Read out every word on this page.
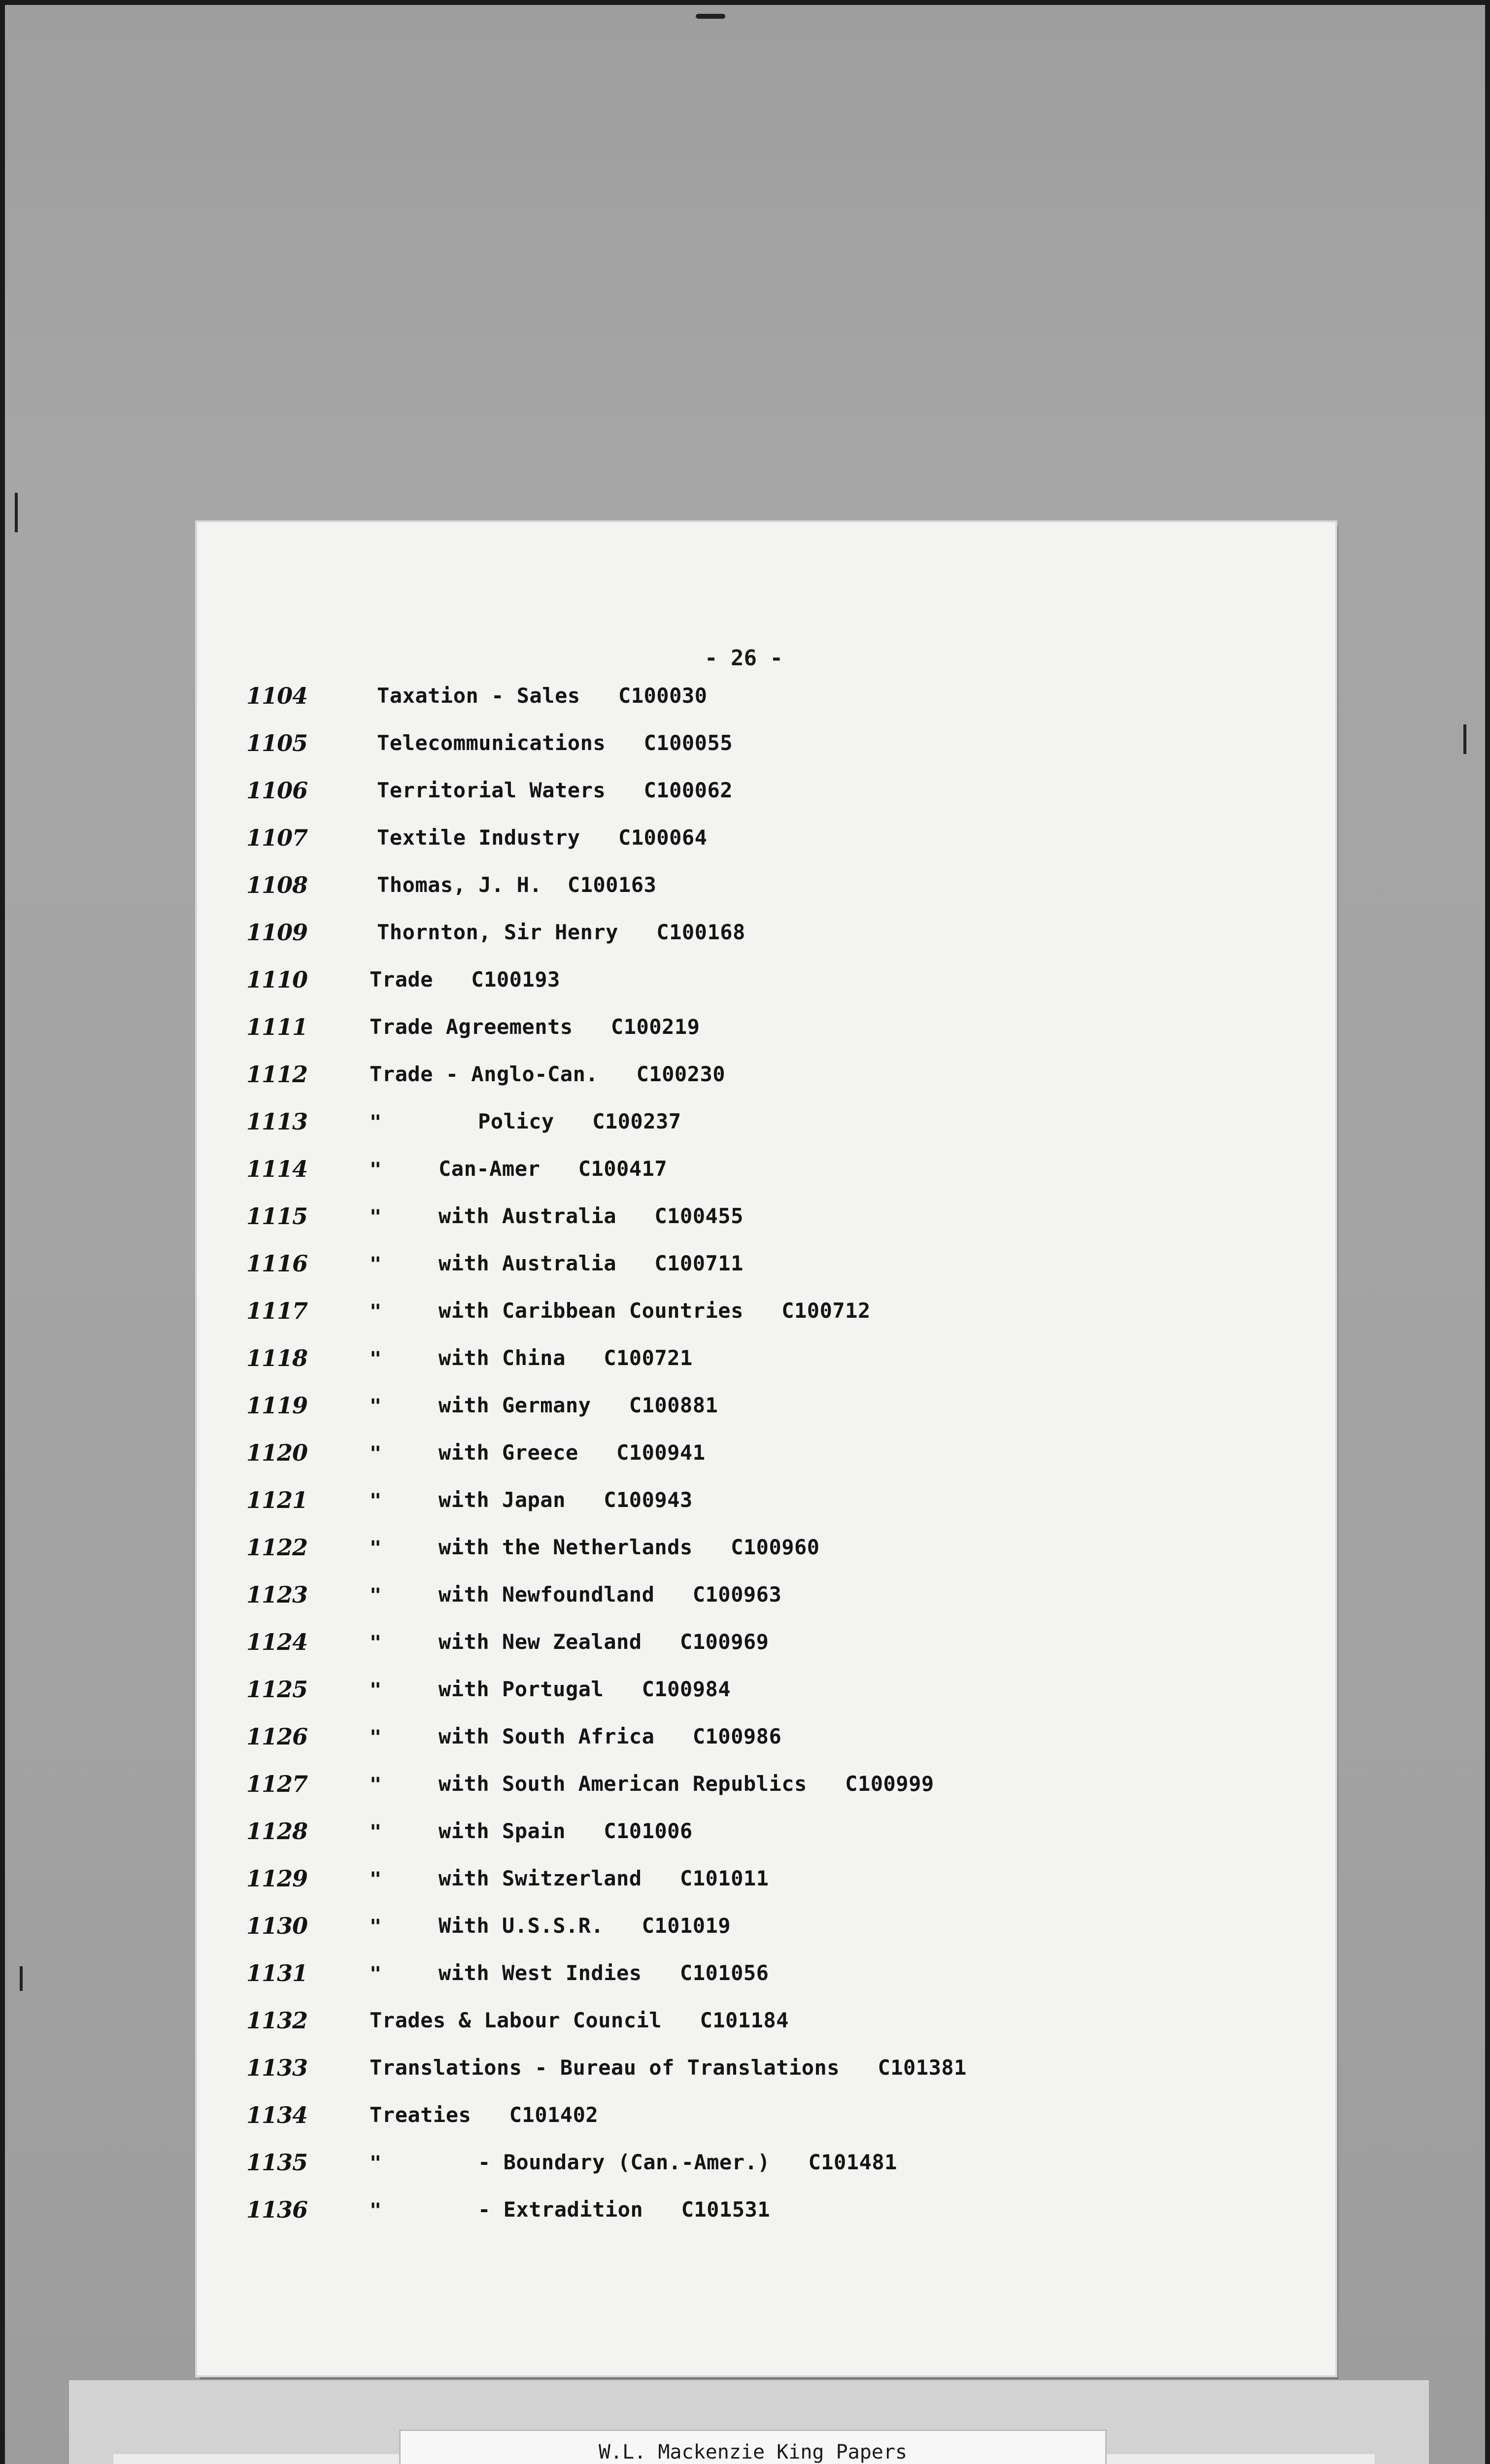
- 26 -
1104	Taxation - Sales   C100030
1105	Telecommunications   C100055
1106	Territorial Waters   C100062
1107	Textile Industry   C100064
1108	Thomas, J. H.  C100163
1109	Thornton, Sir Henry   C100168
1110	Trade   C100193
1111	Trade Agreements   C100219
1112	Trade - Anglo-Can.   C100230
1113	"	Policy   C100237
1114	"	Can-Amer   C100417
1115	"	with Australia   C100455
1116	"	with Australia   C100711
1117	"	with Caribbean Countries   C100712
1118	"	with China   C100721
1119	"	with Germany   C100881
1120	"	with Greece   C100941
1121	"	with Japan   C100943
1122	"	with the Netherlands   C100960
1123	"	with Newfoundland   C100963
1124	"	with New Zealand   C100969
1125	"	with Portugal   C100984
1126	"	with South Africa   C100986
1127	"	with South American Republics   C100999
1128	"	with Spain   C101006
1129	"	with Switzerland   C101011
1130	"	With U.S.S.R.   C101019
1131	"	with West Indies   C101056
1132	Trades & Labour Council   C101184
1133	Translations - Bureau of Translations   C101381
1134	Treaties   C101402
1135	"	- Boundary (Can.-Amer.)   C101481
1136	"	- Extradition   C101531
W.L. Mackenzie King Papers
